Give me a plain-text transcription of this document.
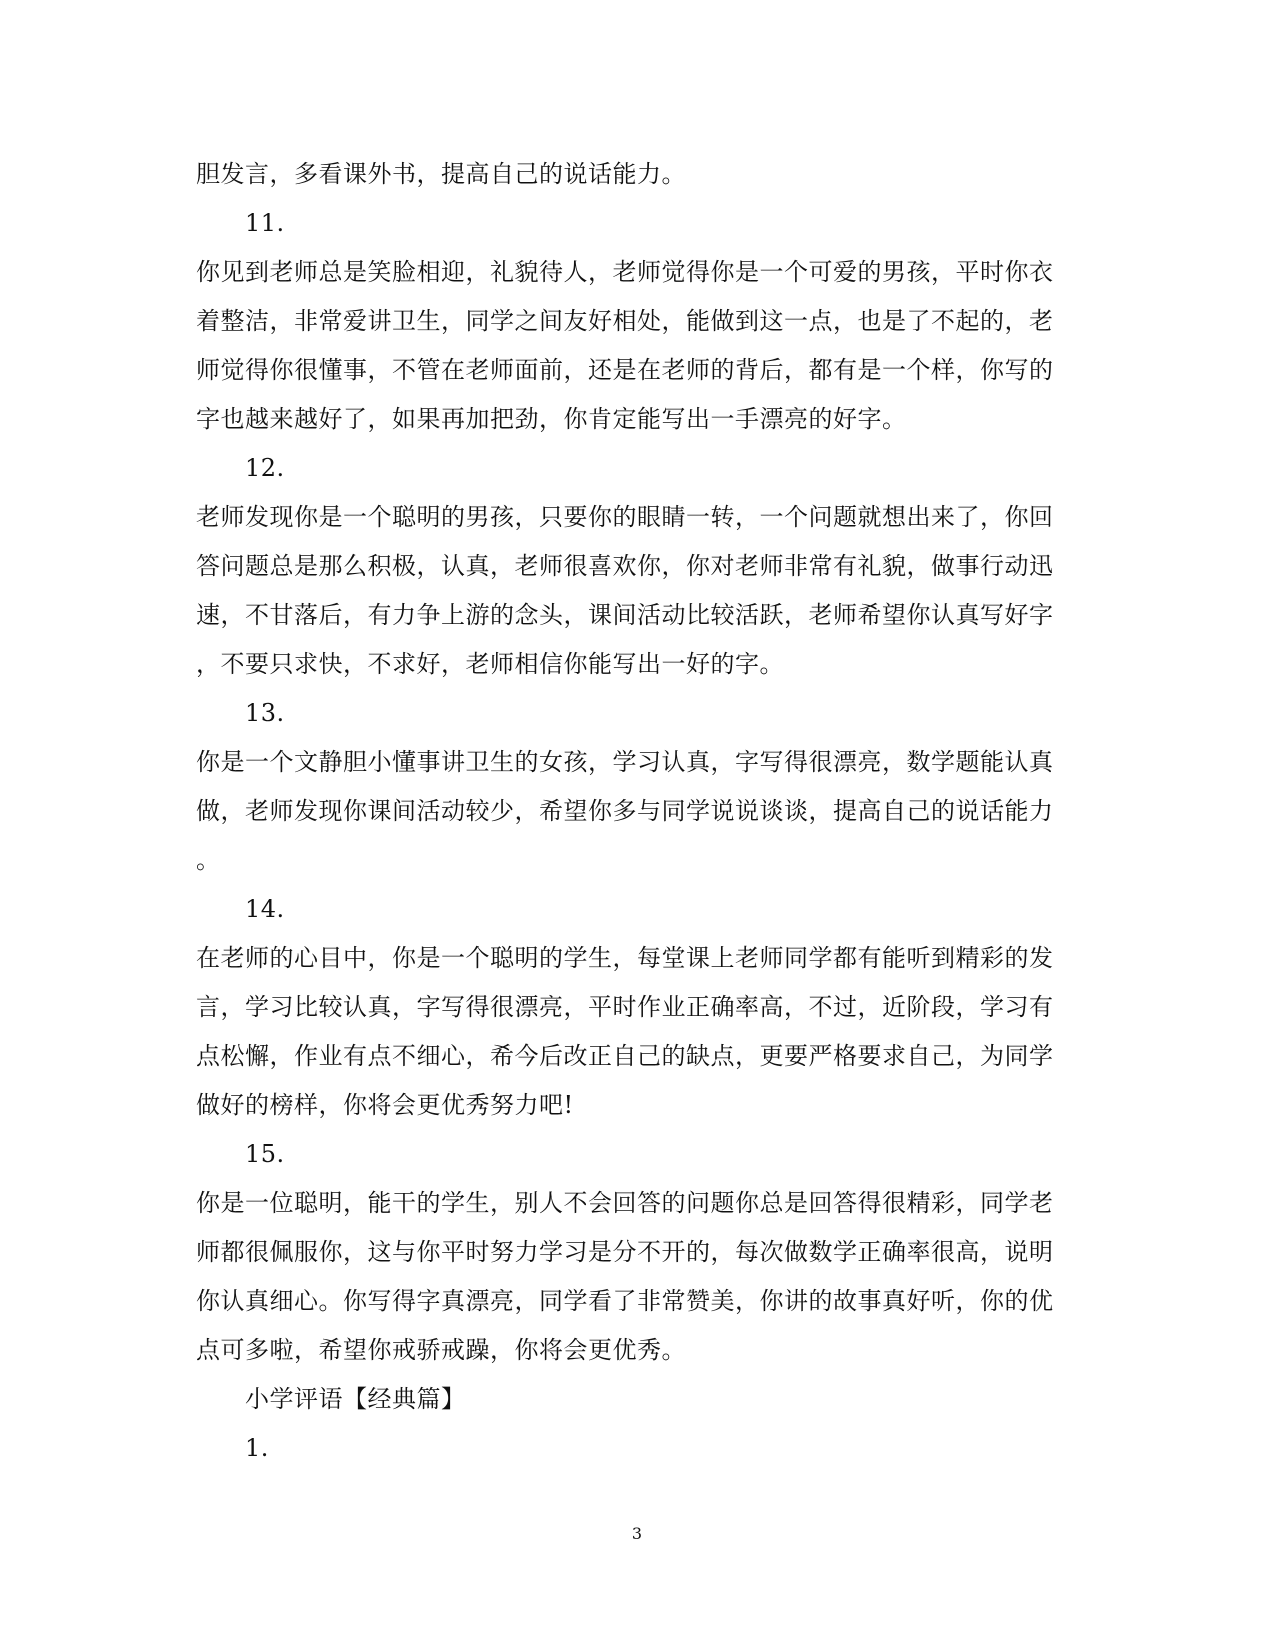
胆发言，多看课外书，提高自己的说话能力。
11.
你见到老师总是笑脸相迎，礼貌待人，老师觉得你是一个可爱的男孩，平时你衣
着整洁，非常爱讲卫生，同学之间友好相处，能做到这一点，也是了不起的，老
师觉得你很懂事，不管在老师面前，还是在老师的背后，都有是一个样，你写的
字也越来越好了，如果再加把劲，你肯定能写出一手漂亮的好字。
12.
老师发现你是一个聪明的男孩，只要你的眼睛一转，一个问题就想出来了，你回
答问题总是那么积极，认真，老师很喜欢你，你对老师非常有礼貌，做事行动迅
速，不甘落后，有力争上游的念头，课间活动比较活跃，老师希望你认真写好字
，不要只求快，不求好，老师相信你能写出一好的字。
13.
你是一个文静胆小懂事讲卫生的女孩，学习认真，字写得很漂亮，数学题能认真
做，老师发现你课间活动较少，希望你多与同学说说谈谈，提高自己的说话能力
。
14.
在老师的心目中，你是一个聪明的学生，每堂课上老师同学都有能听到精彩的发
言，学习比较认真，字写得很漂亮，平时作业正确率高，不过，近阶段，学习有
点松懈，作业有点不细心，希今后改正自己的缺点，更要严格要求自己，为同学
做好的榜样，你将会更优秀努力吧!
15.
你是一位聪明，能干的学生，别人不会回答的问题你总是回答得很精彩，同学老
师都很佩服你，这与你平时努力学习是分不开的，每次做数学正确率很高，说明
你认真细心。你写得字真漂亮，同学看了非常赞美，你讲的故事真好听，你的优
点可多啦，希望你戒骄戒躁，你将会更优秀。
小学评语【经典篇】
1.
3
